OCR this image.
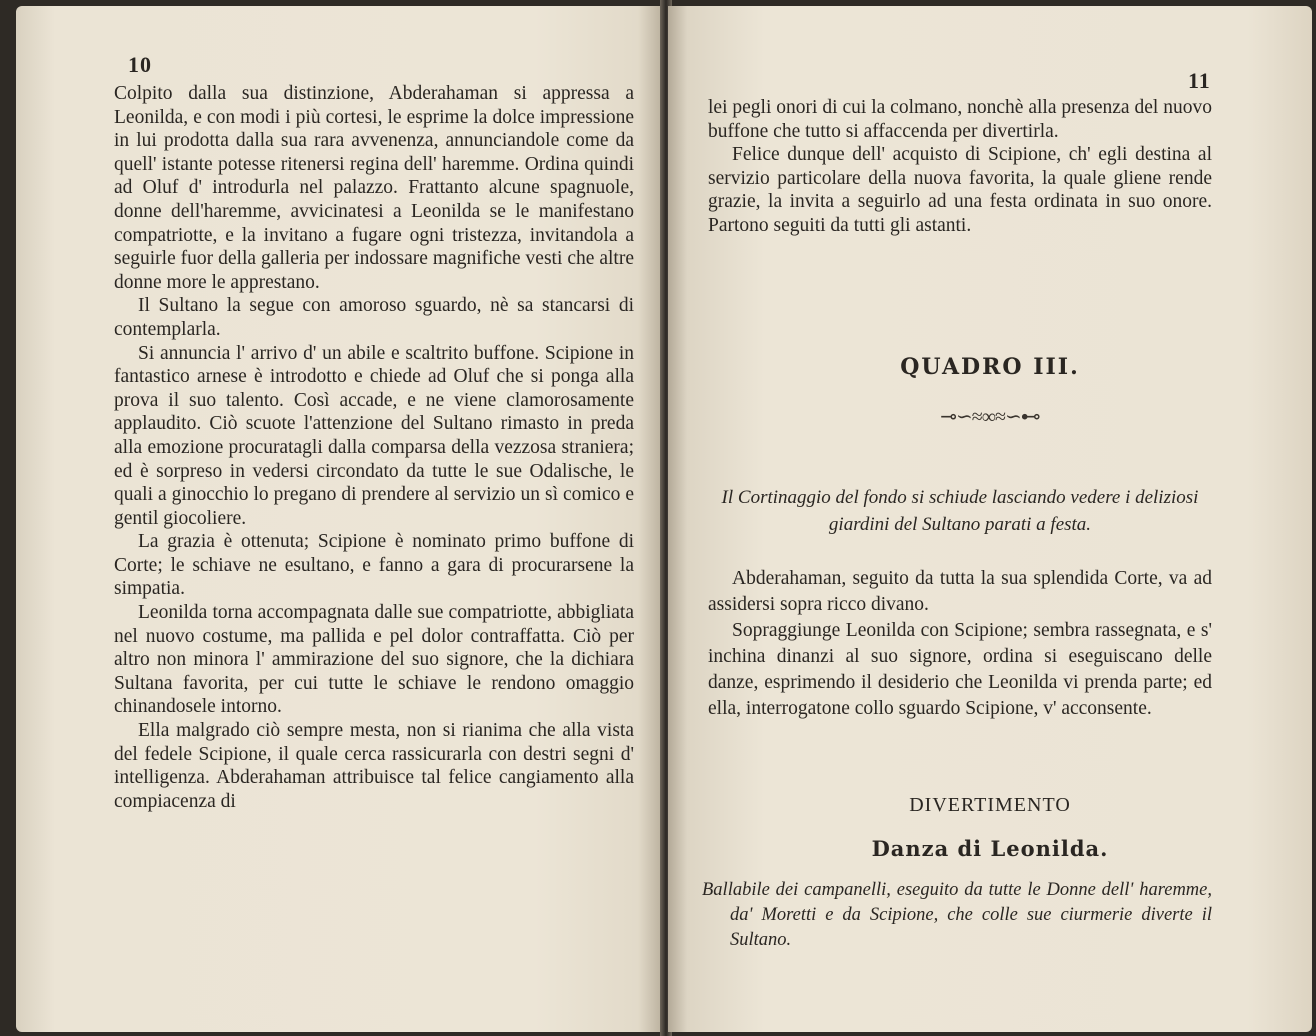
10

Colpito dalla sua distinzione, Abderahaman si appressa a Leonilda, e con modi i più cortesi, le esprime la dolce impressione in lui prodotta dalla sua rara avvenenza, annunciandole come da quell' istante potesse ritenersi regina dell' haremme. Ordina quindi ad Oluf d' introdurla nel palazzo. Frattanto alcune spagnuole, donne dell'haremme, avvicinatesi a Leonilda se le manifestano compatriotte, e la invitano a fugare ogni tristezza, invitandola a seguirle fuor della galleria per indossare magnifiche vesti che altre donne more le apprestano.

Il Sultano la segue con amoroso sguardo, nè sa stancarsi di contemplarla.

Si annuncia l' arrivo d' un abile e scaltrito buffone. Scipione in fantastico arnese è introdotto e chiede ad Oluf che si ponga alla prova il suo talento. Così accade, e ne viene clamorosamente applaudito. Ciò scuote l'attenzione del Sultano rimasto in preda alla emozione procuratagli dalla comparsa della vezzosa straniera; ed è sorpreso in vedersi circondato da tutte le sue Odalische, le quali a ginocchio lo pregano di prendere al servizio un sì comico e gentil giocoliere.

La grazia è ottenuta; Scipione è nominato primo buffone di Corte; le schiave ne esultano, e fanno a gara di procurarsene la simpatia.

Leonilda torna accompagnata dalle sue compatriotte, abbigliata nel nuovo costume, ma pallida e pel dolor contraffatta. Ciò per altro non minora l' ammirazione del suo signore, che la dichiara Sultana favorita, per cui tutte le schiave le rendono omaggio chinandosele intorno.

Ella malgrado ciò sempre mesta, non si rianima che alla vista del fedele Scipione, il quale cerca rassicurarla con destri segni d' intelligenza. Abderahaman attribuisce tal felice cangiamento alla compiacenza di

11

lei pegli onori di cui la colmano, nonchè alla presenza del nuovo buffone che tutto si affaccenda per divertirla.

Felice dunque dell' acquisto di Scipione, ch' egli destina al servizio particolare della nuova favorita, la quale gliene rende grazie, la invita a seguirlo ad una festa ordinata in suo onore. Partono seguiti da tutti gli astanti.

QUADRO III.
⊸∽≈∞≈∽⊷
Il Cortinaggio del fondo si schiude lasciando vedere i deliziosi giardini del Sultano parati a festa.

Abderahaman, seguito da tutta la sua splendida Corte, va ad assidersi sopra ricco divano.

Sopraggiunge Leonilda con Scipione; sembra rassegnata, e s' inchina dinanzi al suo signore, ordina si eseguiscano delle danze, esprimendo il desiderio che Leonilda vi prenda parte; ed ella, interrogatone collo sguardo Scipione, v' acconsente.

DIVERTIMENTO
Danza di Leonilda.

Ballabile dei campanelli, eseguito da tutte le Donne dell' haremme, da' Moretti e da Scipione, che colle sue ciurmerie diverte il Sultano.
